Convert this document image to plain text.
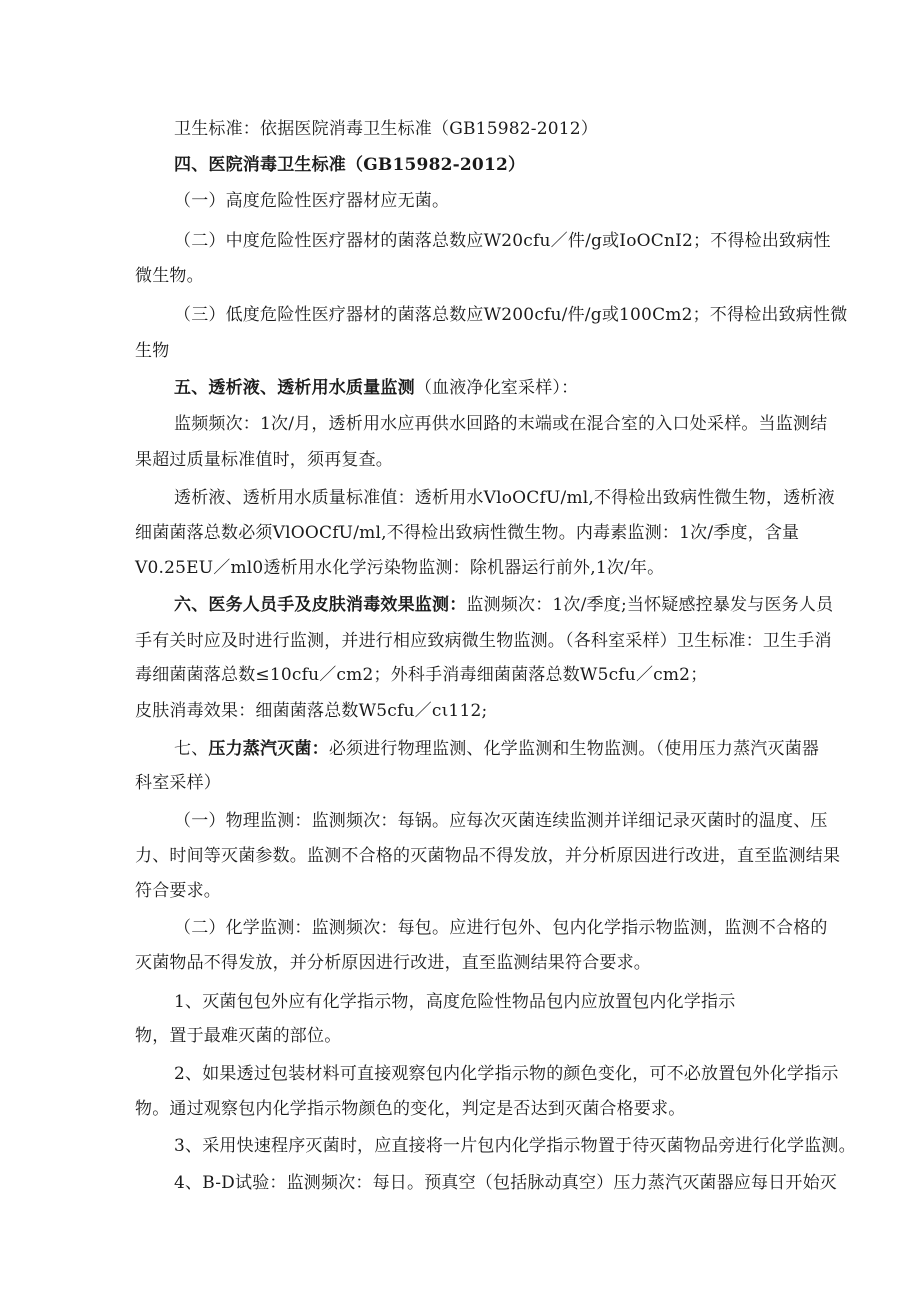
卫生标准：依据医院消毒卫生标准（GB15982-2012）
四、医院消毒卫生标准（GB15982-2012）
（一）高度危险性医疗器材应无菌。
（二）中度危险性医疗器材的菌落总数应W20cfu／件/g或IoOCnI2；不得检出致病性
微生物。
（三）低度危险性医疗器材的菌落总数应W200cfu/件/g或100Cm2；不得检出致病性微
生物
五、透析液、透析用水质量监测（血液净化室采样）：
监频频次：1次/月，透析用水应再供水回路的末端或在混合室的入口处采样。当监测结
果超过质量标准值时，须再复查。
透析液、透析用水质量标准值：透析用水VloOCfU/ml,不得检出致病性微生物，透析液
细菌菌落总数必须VlOOCfU/ml,不得检出致病性微生物。内毒素监测：1次/季度，含量
V0.25EU／ml0透析用水化学污染物监测：除机器运行前外,1次/年。
六、医务人员手及皮肤消毒效果监测：监测频次：1次/季度;当怀疑感控暴发与医务人员
手有关时应及时进行监测，并进行相应致病微生物监测。（各科室采样）卫生标准：卫生手消
毒细菌菌落总数≤10cfu／cm2；外科手消毒细菌菌落总数W5cfu／cm2；
皮肤消毒效果：细菌菌落总数W5cfu／cι112;
七、压力蒸汽灭菌：必须进行物理监测、化学监测和生物监测。（使用压力蒸汽灭菌器
科室采样）
（一）物理监测：监测频次：每锅。应每次灭菌连续监测并详细记录灭菌时的温度、压
力、时间等灭菌参数。监测不合格的灭菌物品不得发放，并分析原因进行改进，直至监测结果
符合要求。
（二）化学监测：监测频次：每包。应进行包外、包内化学指示物监测，监测不合格的
灭菌物品不得发放，并分析原因进行改进，直至监测结果符合要求。
1、灭菌包包外应有化学指示物，高度危险性物品包内应放置包内化学指示
物，置于最难灭菌的部位。
2、如果透过包装材料可直接观察包内化学指示物的颜色变化，可不必放置包外化学指示
物。通过观察包内化学指示物颜色的变化，判定是否达到灭菌合格要求。
3、采用快速程序灭菌时，应直接将一片包内化学指示物置于待灭菌物品旁进行化学监测。
4、B-D试验：监测频次：每日。预真空（包括脉动真空）压力蒸汽灭菌器应每日开始灭
